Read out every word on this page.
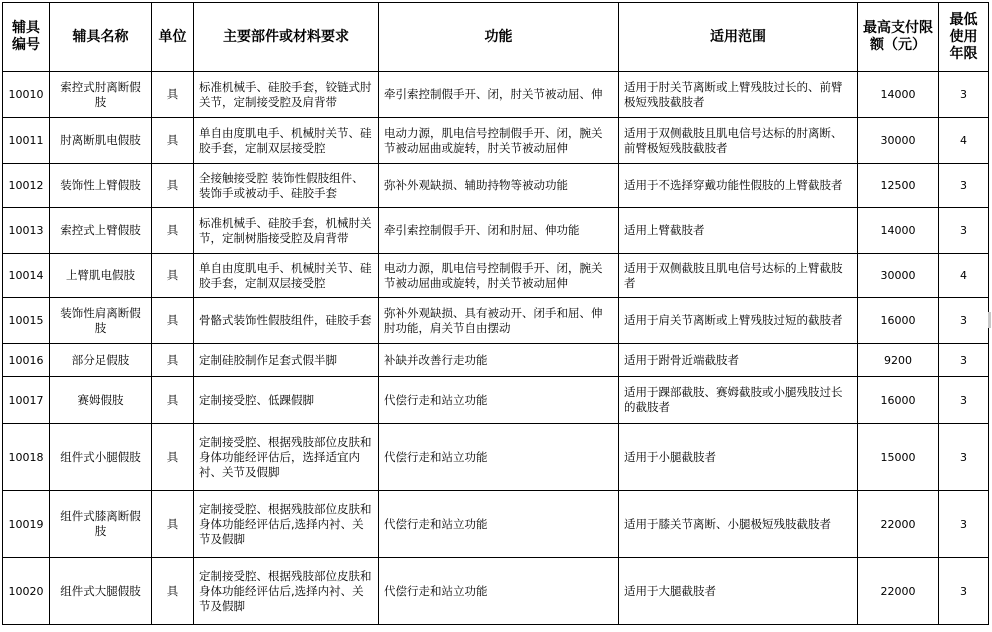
辅具编号	辅具名称	单位	主要部件或材料要求	功能	适用范围	最高支付限额（元）	最低使用年限
10010	索控式肘离断假肢	具	标准机械手、硅胶手套，铰链式肘关节，定制接受腔及肩背带	牵引索控制假手开、闭，肘关节被动屈、伸	适用于肘关节离断或上臂残肢过长的、前臂极短残肢截肢者	14000	3
10011	肘离断肌电假肢	具	单自由度肌电手、机械肘关节、硅胶手套，定制双层接受腔	电动力源，肌电信号控制假手开、闭，腕关节被动屈曲或旋转，肘关节被动屈伸	适用于双侧截肢且肌电信号达标的肘离断、前臂极短残肢截肢者	30000	4
10012	装饰性上臂假肢	具	全接触接受腔 装饰性假肢组件、装饰手或被动手、硅胶手套	弥补外观缺损、辅助持物等被动功能	适用于不选择穿戴功能性假肢的上臂截肢者	12500	3
10013	索控式上臂假肢	具	标准机械手、硅胶手套，机械肘关节，定制树脂接受腔及肩背带	牵引索控制假手开、闭和肘屈、伸功能	适用上臂截肢者	14000	3
10014	上臂肌电假肢	具	单自由度肌电手、机械肘关节、硅胶手套，定制双层接受腔	电动力源，肌电信号控制假手开、闭，腕关节被动屈曲或旋转，肘关节被动屈伸	适用于双侧截肢且肌电信号达标的上臂截肢者	30000	4
10015	装饰性肩离断假肢	具	骨骼式装饰性假肢组件，硅胶手套	弥补外观缺损、具有被动开、闭手和屈、伸肘功能，肩关节自由摆动	适用于肩关节离断或上臂残肢过短的截肢者	16000	3
10016	部分足假肢	具	定制硅胶制作足套式假半脚	补缺并改善行走功能	适用于跗骨近端截肢者	9200	3
10017	赛姆假肢	具	定制接受腔、低踝假脚	代偿行走和站立功能	适用于踝部截肢、赛姆截肢或小腿残肢过长的截肢者	16000	3
10018	组件式小腿假肢	具	定制接受腔、根据残肢部位皮肤和身体功能经评估后，选择适宜内衬、关节及假脚	代偿行走和站立功能	适用于小腿截肢者	15000	3
10019	组件式膝离断假肢	具	定制接受腔、根据残肢部位皮肤和身体功能经评估后,选择内衬、关节及假脚	代偿行走和站立功能	适用于膝关节离断、小腿极短残肢截肢者	22000	3
10020	组件式大腿假肢	具	定制接受腔、根据残肢部位皮肤和身体功能经评估后,选择内衬、关节及假脚	代偿行走和站立功能	适用于大腿截肢者	22000	3
